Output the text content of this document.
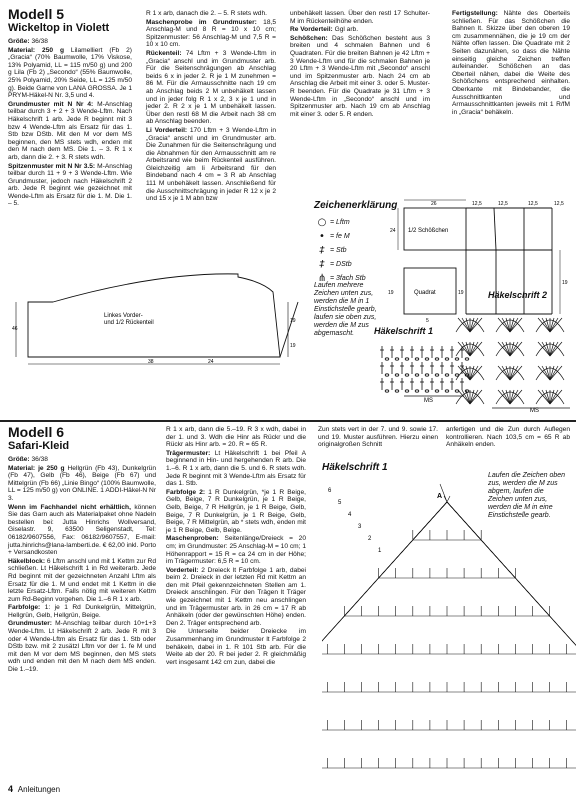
Modell 5
Wickeltop in Violett

Größe: 36/38

Material: 250 g Lilamelliert (Fb 2) „Gracia“ (70% Baumwolle, 17% Viskose, 13% Polyamid, LL = 115 m/50 g) und 200 g Lila (Fb 2) „Secondo“ (55% Baumwolle, 25% Polyamid, 20% Seide, LL = 125 m/50 g). Beide Garne von LANA GROSSA. Je 1 PRYM-Häkel-N Nr. 3,5 und 4.

Grundmuster mit N Nr 4: M-Anschlag teilbar durch 3 + 2 + 3 Wende-Lftm. Nach Häkelschrift 1 arb. Jede R beginnt mit 3 bzw 4 Wende-Lftm als Ersatz für das 1. Stb bzw DStb. Mit den M vor dem MS beginnen, den MS stets wdh, enden mit den M nach dem MS. Die 1. – 3. R 1 x arb, dann die 2. + 3. R stets wdh.

Spitzenmuster mit N Nr 3.5: M-Anschlag teilbar durch 11 + 9 + 3 Wende-Lftm. Wie Grundmuster, jedoch nach Häkelschrift 2 arb. Jede R beginnt wie gezeichnet mit Wende-Lftm als Ersatz für die 1. M. Die 1. – 5.

R 1 x arb, danach die 2. – 5. R stets wdh.

Maschenprobe im Grundmuster: 18,5 Anschlag-M und 8 R = 10 x 10 cm; Spitzenmuster: 56 Anschlag-M und 7,5 R = 10 x 10 cm.

Rückenteil: 74 Lftm + 3 Wende-Lftm in „Gracia“ anschl und im Grundmuster arb. Für die Seitenschrägungen ab Anschlag beids 6 x in jeder 2. R je 1 M zunehmen = 86 M. Für die Armausschnitte nach 19 cm ab Anschlag beids 2 M unbehäkelt lassen und in jeder folg R 1 x 2, 3 x je 1 und in jeder 2. R 2 x je 1 M unbehäkelt lassen. Über den restl 68 M die Arbeit nach 38 cm ab Anschlag beenden.

Li Vorderteil: 170 Lftm + 3 Wende-Lftm in „Gracia“ anschl und im Grundmuster arb. Die Zunahmen für die Seitenschrägung und die Abnahmen für den Armausschnitt am re Arbeitsrand wie beim Rückenteil ausführen. Gleichzeitig am li Arbeitsrand für den Bindeband nach 4 cm = 3 R ab Anschlag 111 M unbehäkelt lassen. Anschließend für die Ausschnittschrägung in jeder R 12 x je 2 und 15 x je 1 M abn bzw

unbehäkelt lassen. Über den restl 17 Schulter-M im Rückenteilhöhe enden.

Re Vorderteil: Ggl arb.

Schößchen: Das Schößchen besteht aus 3 breiten und 4 schmalen Bahnen und 6 Quadraten. Für die breiten Bahnen je 42 Lftm + 3 Wende-Lftm und für die schmalen Bahnen je 20 Lftm + 3 Wende-Lftm mit „Secondo“ anschl und im Spitzenmuster arb. Nach 24 cm ab Anschlag die Arbeit mit einer 3. oder 5. Muster-R beenden. Für die Quadrate je 31 Lftm + 3 Wende-Lftm in „Secondo“ anschl und im Spitzenmuster arb. Nach 19 cm ab Anschlag mit einer 3. oder 5. R enden.

Fertigstellung: Nähte des Oberteils schließen. Für das Schößchen die Bahnen lt. Skizze über den oberen 19 cm zusammennähen, die je 19 cm der Nähte offen lassen. Die Quadrate mit 2 Seiten dazunähen, so dass die Nähte einseitig gleiche Zeichen treffen aufeinander. Schößchen an das Oberteil nähen, dabei die Weite des Schößchens entsprechend einhalten. Oberkante mit Bindebander, die Ausschnittkanten und Armausschnittkanten jeweils mit 1 R/fM in „Gracia“ behäkeln.

Linkes Vorder-
und 1/2 Rückenteil
46
38	24
19
19
Zeichenerklärung
○ = Lftm
• = fe M
‡ = Stb
‡ = DStb
⋔ = 3fach Stb
Laufen mehrere Zeichen unten zus, werden die M in 1 Einstichstelle gearb, laufen sie oben zus, werden die M zus abgemascht.
1/2 Schößchen
Quadrat
26	12,5	12,5	12,5	12,5
24
19
19	19
5
Häkelschrift 1
MS
Häkelschrift 2
MS
Modell 6
Safari-Kleid

Größe: 36/38

Material: je 250 g Hellgrün (Fb 43), Dunkelgrün (Fb 47), Gelb (Fb 46), Beige (Fb 67) und Mittelgrün (Fb 66) „Linie Bingo“ (100% Baumwolle, LL = 125 m/50 g) von ONLINE. 1 ADDI-Häkel-N Nr 3.

Wenn im Fachhandel nicht erhältlich, können Sie das Garn auch als Materialpaket ohne Nadeln bestellen bei: Jutta Hinrichs Wollversand, Giselastr. 9, 63500 Seligenstadt, Tel: 06182/9607556, Fax: 06182/9607557, E-mail: jutta.hinrichs@lana-lamberti.de. € 62,00 inkl. Porto + Versandkosten

Häkelblock: 6 Lftm anschl und mit 1 Kettm zur Rd schließen. Lt Häkelschrift 1 in Rd weiterarb. Jede Rd beginnt mit der gezeichneten Anzahl Lftm als Ersatz für die 1. M und endet mit 1 Kettm in die letzte Ersatz-Lftm. Falls nötig mit weiteren Kettm zum Rd-Beginn vorgehen. Die 1.–6 R 1 x arb.

Farbfolge: 1: je 1 Rd Dunkelgrün, Mittelgrün, Hellgrün, Gelb, Hellgrün, Beige.

Grundmuster: M-Anschlag teilbar durch 10+1+3 Wende-Lftm. Lt Häkelschrift 2 arb. Jede R mit 3 oder 4 Wende-Lftm als Ersatz für das 1. Stb oder DStb bzw. mit 2 zusätzl Lftm vor der 1. fe M und mit den M vor dem MS beginnen, den MS stets wdh und enden mit den M nach dem MS enden. Die 1.–19.

R 1 x arb, dann die 5.–19. R 3 x wdh, dabei in der 1. und 3. Wdh die Hinr als Rückr und die Rückr als Hinr arb. = 20. R = 65 R.

Trägermuster: Lt Häkelschrift 1 bei Pfeil A beginnend in Hin- und hergehenden R arb. Die 1.–6. R 1 x arb, dann die 5. und 6. R stets wdh. Jede R beginnt mit 3 Wende-Lftm als Ersatz für das 1. Stb.

Farbfolge 2: 1 R Dunkelgrün, *je 1 R Beige, Gelb, Beige, 7 R Dunkelgrün, je 1 R Beige, Gelb, Beige, 7 R Hellgrün, je 1 R Beige, Gelb, Beige, 7 R Dunkelgrün, je 1 R Beige, Gelb, Beige, 7 R Mittelgrün, ab * stets wdh, enden mit je 1 R Beige, Gelb, Beige.

Maschenproben: Seitenlänge/Dreieck = 20 cm; im Grundmuster: 25 Anschlag-M = 10 cm; 1 Höhenrapport = 15 R = ca 24 cm in der Höhe; im Trägermuster: 6,5 R = 10 cm.

Vorderteil: 2 Dreieck lt Farbfolge 1 arb, dabei beim 2. Dreieck in der letzten Rd mit Kettm an den mit Pfeil gekennzeichneten Stellen am 1. Dreieck anschlingen. Für den Trägen lt Träger wie gezeichnet mit 1 Kettm neu anschlingen und im Trägermuster arb. in 26 cm = 17 R ab Anhäkeln (oder der gewünschten Höhe) enden. Den 2. Träger entsprechend arb.

Die Unterseite beider Dreiecke im Zusammenhang im Grundmuster lt Farbfolge 2 behäkeln, dabei in 1. R 101 Stb arb. Für die Weite ab der 20. R bei jeder 2. R gleichmäßig vert insgesamt 142 cm zun, dabei die

Zun stets vert in der 7. und 9. sowie 17. und 19. Muster ausführen. Hierzu einen originalgroßen Schnitt

anfertigen und die Zun durch Auflegen kontrollieren. Nach 103,5 cm = 65 R ab Anhäkeln enden.

Häkelschrift 1
Laufen die Zeichen oben zus, werden die M zus abgem, laufen die Zeichen unten zus, werden die M in eine Einstichstelle gearb.
A
6
5
4
3
2
1
4 Anleitungen
